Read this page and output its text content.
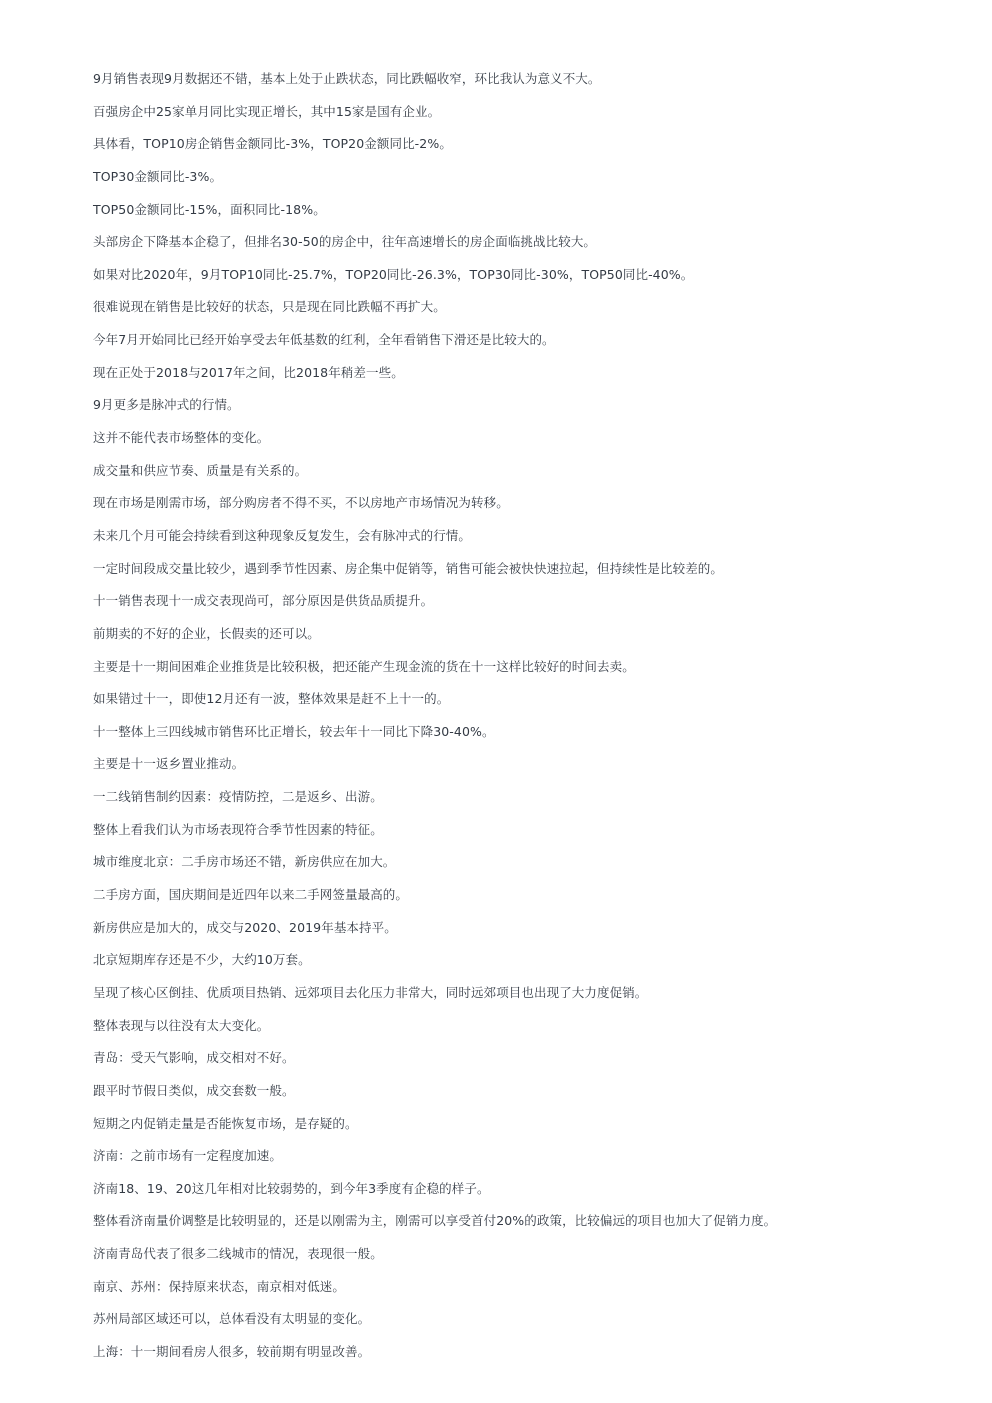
9月销售表现9月数据还不错，基本上处于止跌状态，同比跌幅收窄，环比我认为意义不大。
百强房企中25家单月同比实现正增长，其中15家是国有企业。
具体看，TOP10房企销售金额同比-3%，TOP20金额同比-2%。
TOP30金额同比-3%。
TOP50金额同比-15%，面积同比-18%。
头部房企下降基本企稳了，但排名30-50的房企中，往年高速增长的房企面临挑战比较大。
如果对比2020年，9月TOP10同比-25.7%，TOP20同比-26.3%，TOP30同比-30%，TOP50同比-40%。
很难说现在销售是比较好的状态，只是现在同比跌幅不再扩大。
今年7月开始同比已经开始享受去年低基数的红利，全年看销售下滑还是比较大的。
现在正处于2018与2017年之间，比2018年稍差一些。
9月更多是脉冲式的行情。
这并不能代表市场整体的变化。
成交量和供应节奏、质量是有关系的。
现在市场是刚需市场，部分购房者不得不买，不以房地产市场情况为转移。
未来几个月可能会持续看到这种现象反复发生，会有脉冲式的行情。
一定时间段成交量比较少，遇到季节性因素、房企集中促销等，销售可能会被快快速拉起，但持续性是比较差的。
十一销售表现十一成交表现尚可，部分原因是供货品质提升。
前期卖的不好的企业，长假卖的还可以。
主要是十一期间困难企业推货是比较积极，把还能产生现金流的货在十一这样比较好的时间去卖。
如果错过十一，即使12月还有一波，整体效果是赶不上十一的。
十一整体上三四线城市销售环比正增长，较去年十一同比下降30-40%。
主要是十一返乡置业推动。
一二线销售制约因素：疫情防控，二是返乡、出游。
整体上看我们认为市场表现符合季节性因素的特征。
城市维度北京：二手房市场还不错，新房供应在加大。
二手房方面，国庆期间是近四年以来二手网签量最高的。
新房供应是加大的，成交与2020、2019年基本持平。
北京短期库存还是不少，大约10万套。
呈现了核心区倒挂、优质项目热销、远郊项目去化压力非常大，同时远郊项目也出现了大力度促销。
整体表现与以往没有太大变化。
青岛：受天气影响，成交相对不好。
跟平时节假日类似，成交套数一般。
短期之内促销走量是否能恢复市场，是存疑的。
济南：之前市场有一定程度加速。
济南18、19、20这几年相对比较弱势的，到今年3季度有企稳的样子。
整体看济南量价调整是比较明显的，还是以刚需为主，刚需可以享受首付20%的政策，比较偏远的项目也加大了促销力度。
济南青岛代表了很多二线城市的情况，表现很一般。
南京、苏州：保持原来状态，南京相对低迷。
苏州局部区域还可以，总体看没有太明显的变化。
上海：十一期间看房人很多，较前期有明显改善。
